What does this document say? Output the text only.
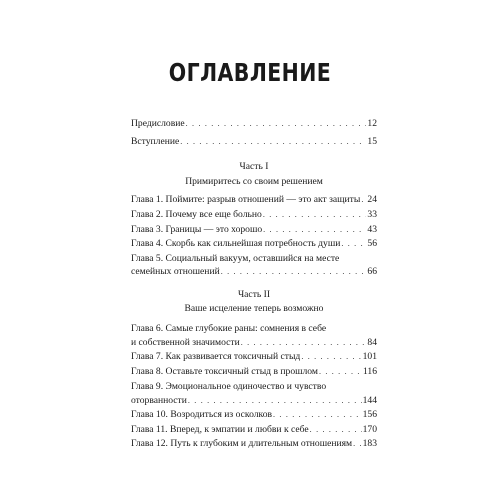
ОГЛАВЛЕНИЕ
Предисловие . . .	12
Вступление . . .	15
Часть I
Примиритесь со своим решением
Глава 1. Поймите: разрыв отношений — это акт защиты . . . 24
Глава 2. Почему все еще больно . . .	33
Глава 3. Границы — это хорошо . . .	43
Глава 4. Скорбь как сильнейшая потребность души . . .	56
Глава 5. Социальный вакуум, оставшийся на месте
семейных отношений . . .	66
Часть II
Ваше исцеление теперь возможно
Глава 6. Самые глубокие раны: сомнения в себе
и собственной значимости . . .	84
Глава 7. Как развивается токсичный стыд . . .	101
Глава 8. Оставьте токсичный стыд в прошлом . . .	116
Глава 9. Эмоциональное одиночество и чувство
оторванности . . .	144
Глава 10. Возродиться из осколков . . .	156
Глава 11. Вперед, к эмпатии и любви к себе . . .	170
Глава 12. Путь к глубоким и длительным отношениям . . . 183
